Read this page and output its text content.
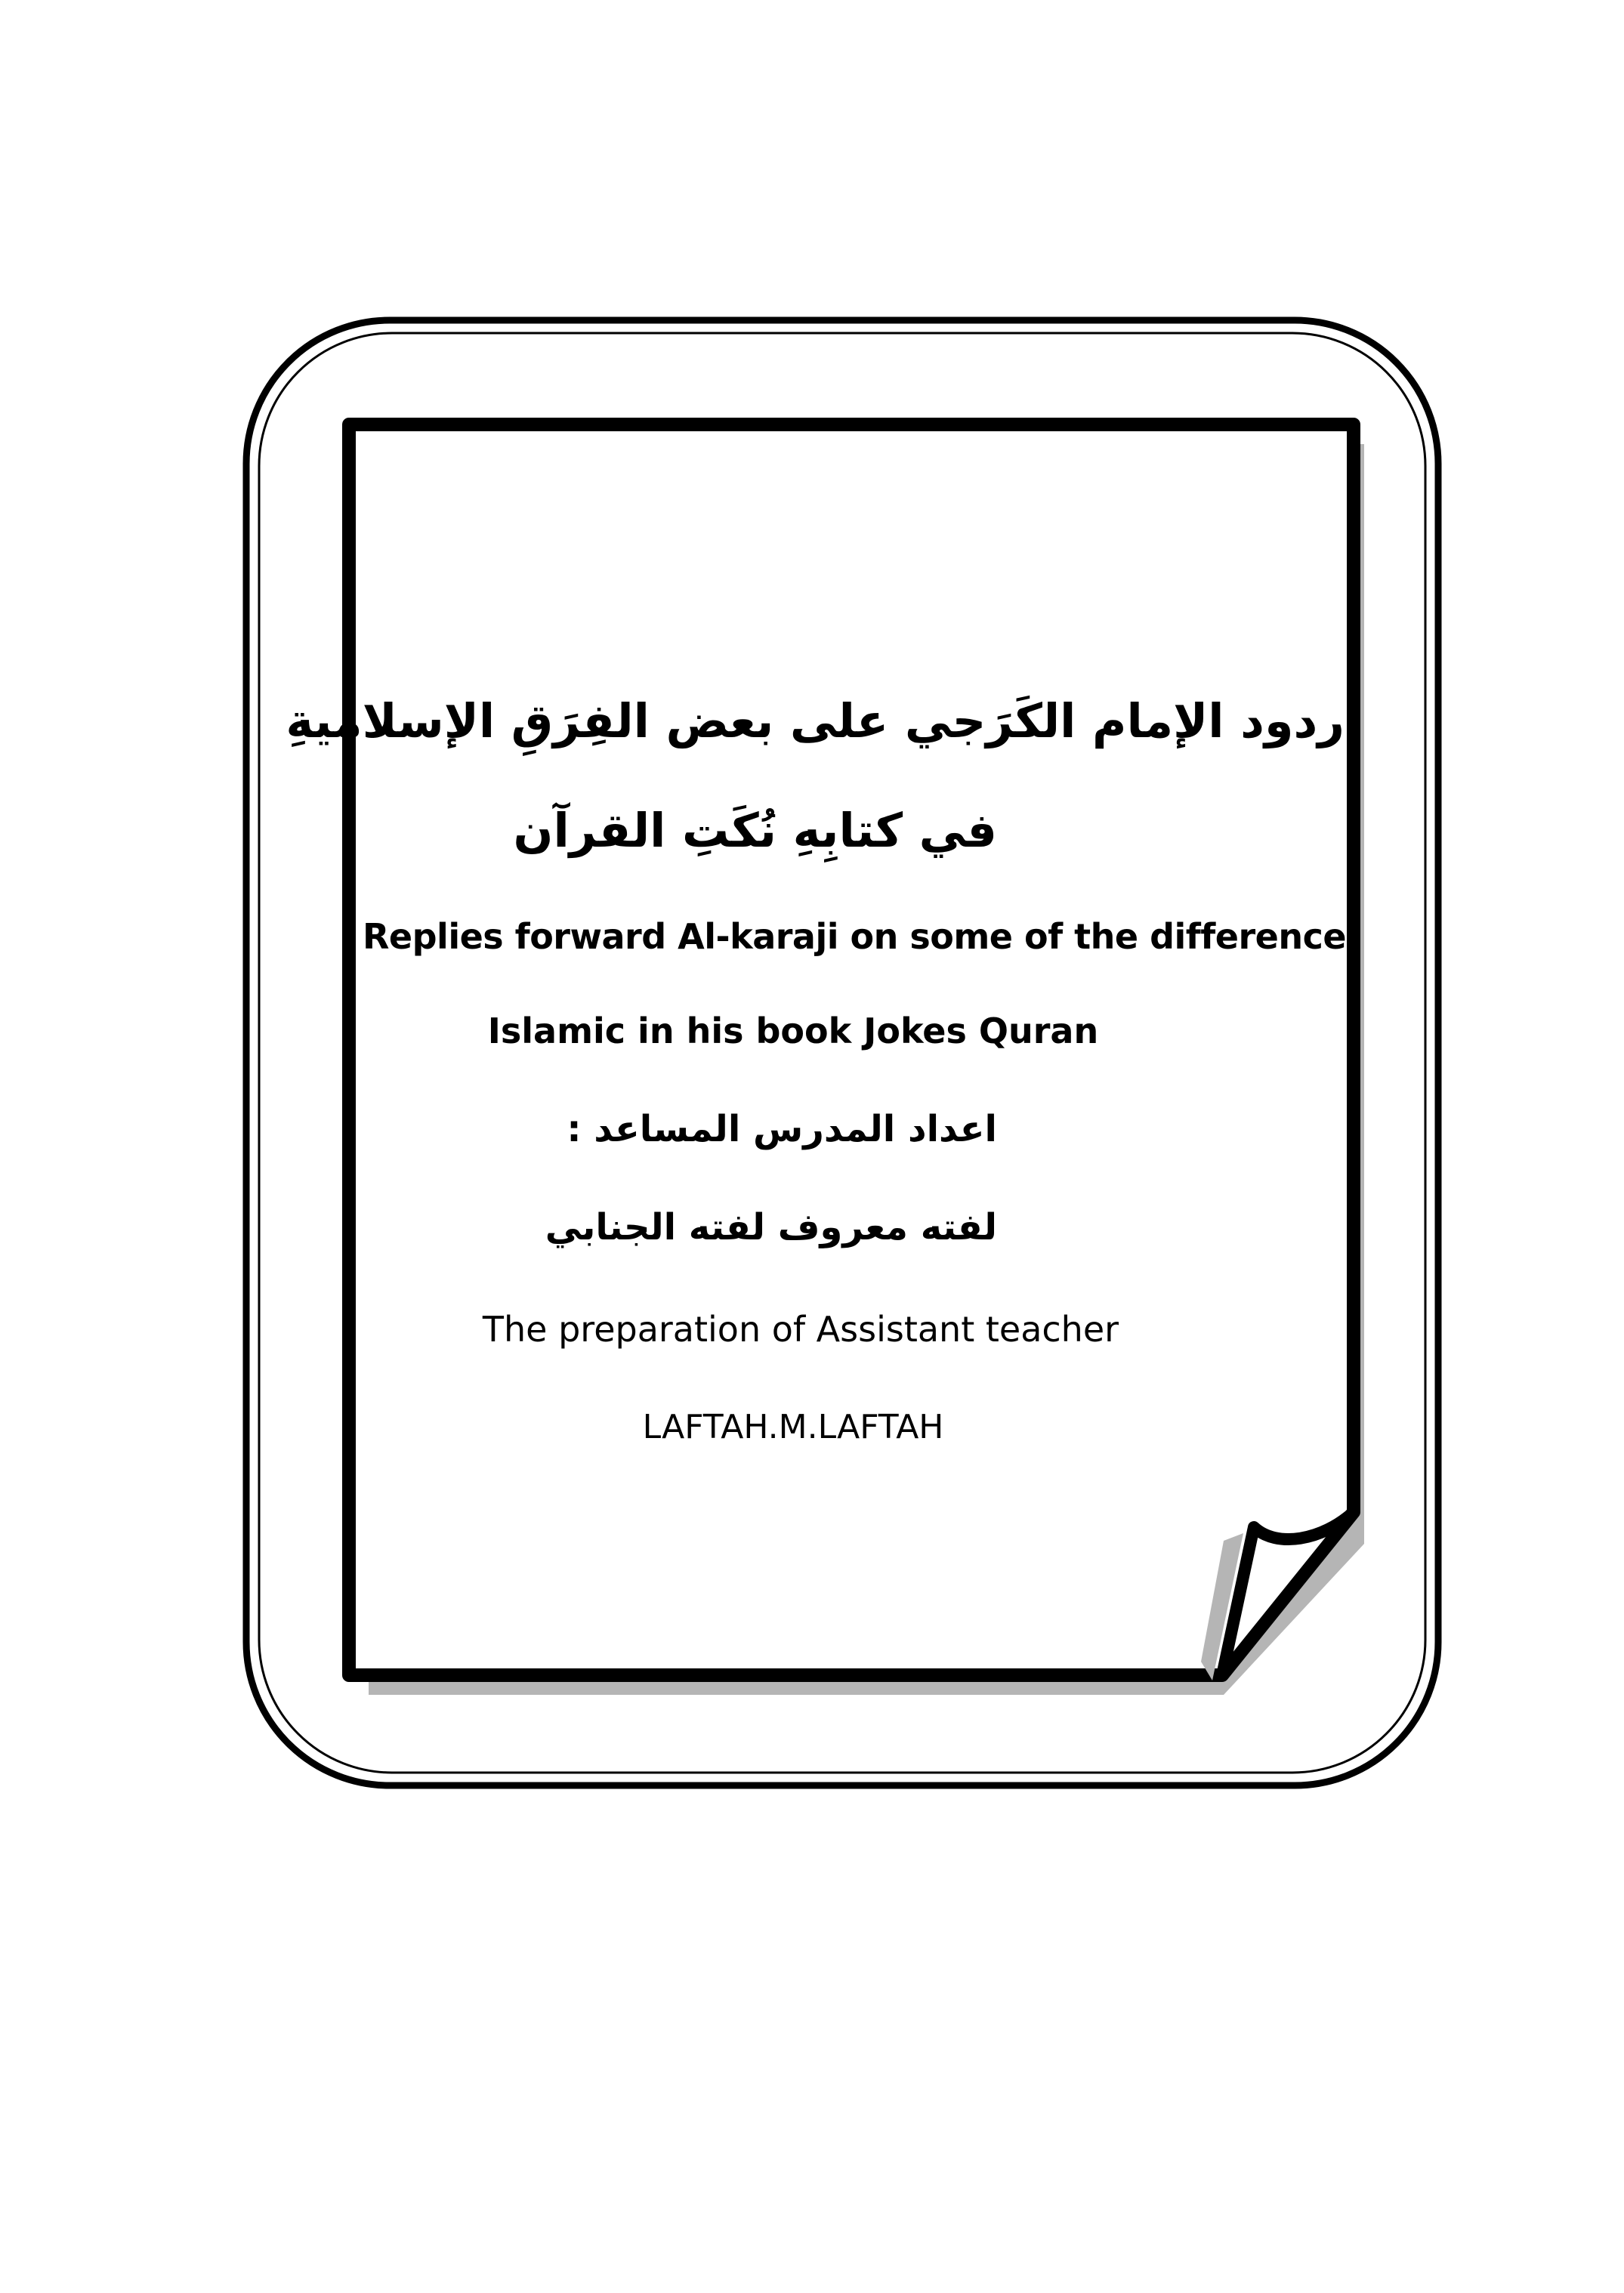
ردود الإمام الكَرَجي على بعض الفِرَقِ الإسلاميةِ
في كتابِهِ نُكَتِ القرآن
Replies forward Al-karaji on some of the difference
Islamic in his book Jokes Quran
اعداد المدرس المساعد :
لفته معروف لفته الجنابي
The preparation of Assistant teacher
LAFTAH.M.LAFTAH
